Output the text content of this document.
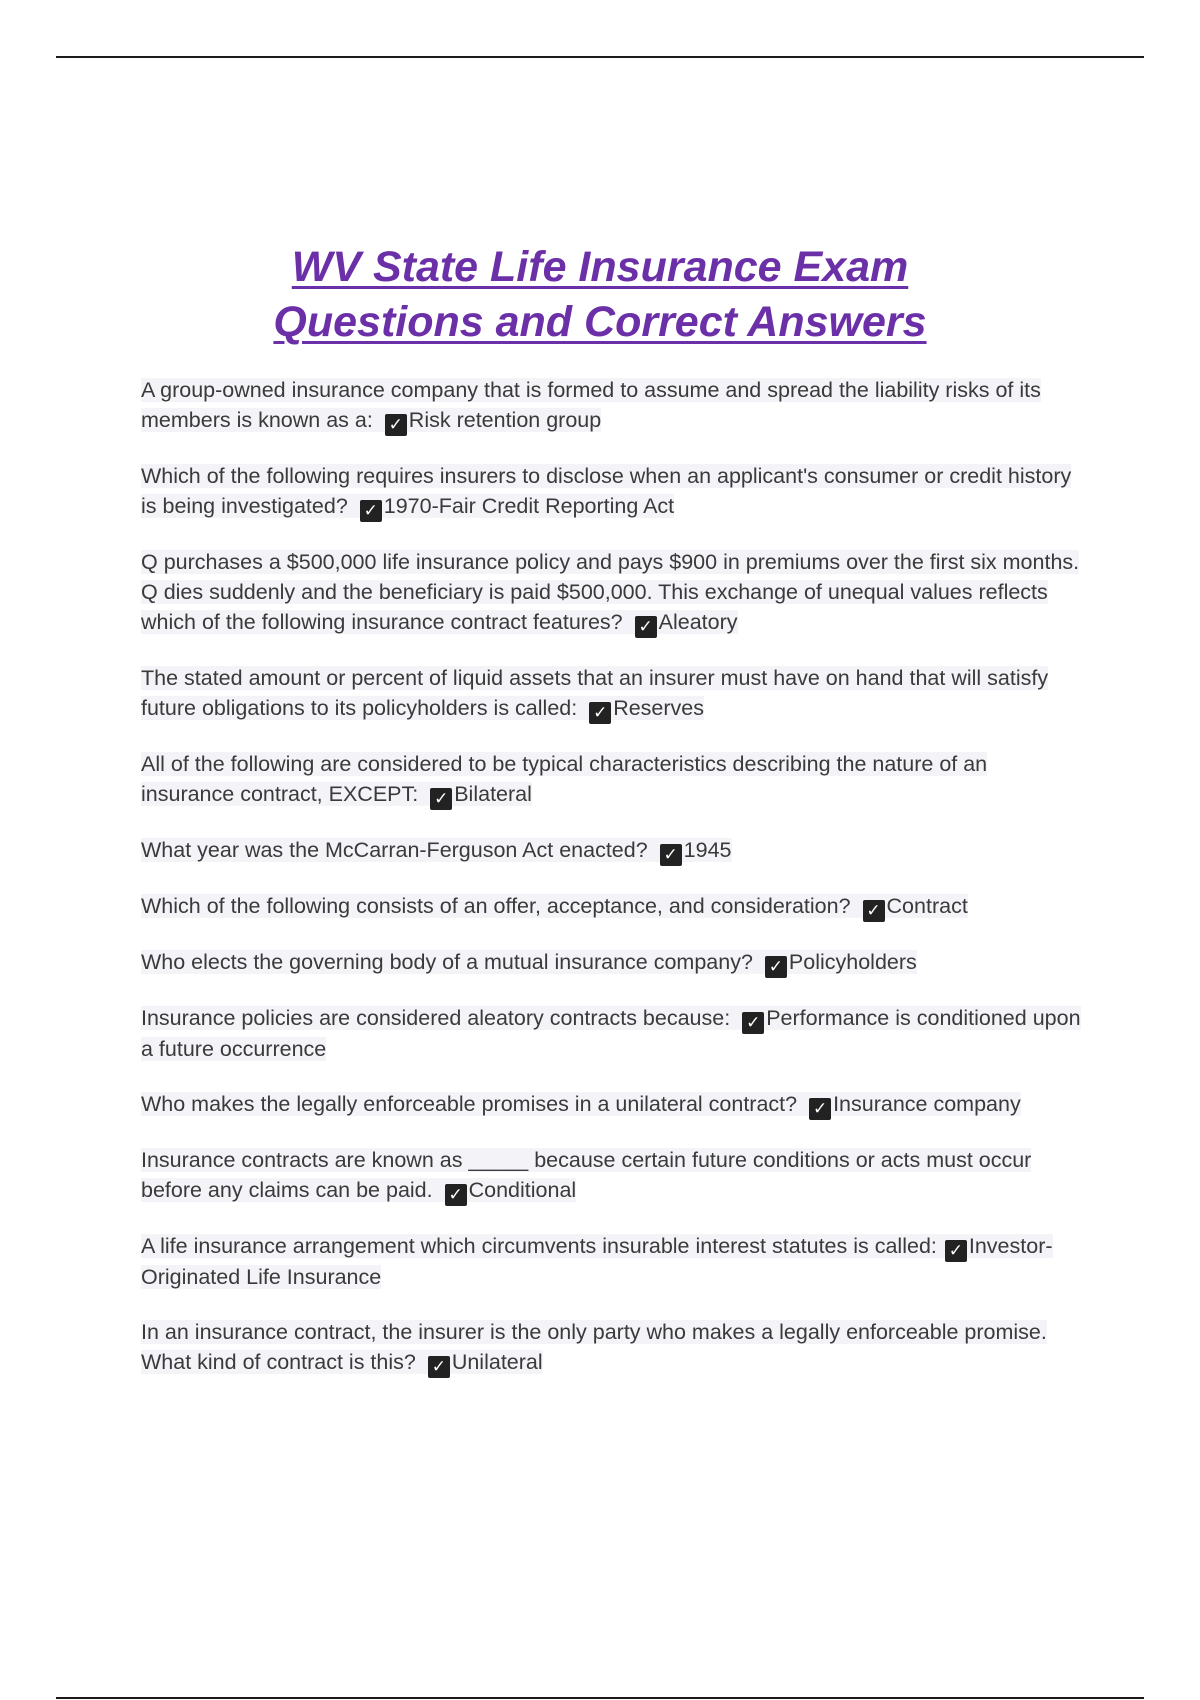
WV State Life Insurance Exam
Questions and Correct Answers

A group-owned insurance company that is formed to assume and spread the liability risks of its members is known as a: ✓ Risk retention group

Which of the following requires insurers to disclose when an applicant's consumer or credit history is being investigated? ✓ 1970-Fair Credit Reporting Act

Q purchases a $500,000 life insurance policy and pays $900 in premiums over the first six months. Q dies suddenly and the beneficiary is paid $500,000. This exchange of unequal values reflects which of the following insurance contract features? ✓ Aleatory

The stated amount or percent of liquid assets that an insurer must have on hand that will satisfy future obligations to its policyholders is called: ✓ Reserves

All of the following are considered to be typical characteristics describing the nature of an insurance contract, EXCEPT: ✓ Bilateral

What year was the McCarran-Ferguson Act enacted? ✓ 1945

Which of the following consists of an offer, acceptance, and consideration? ✓ Contract

Who elects the governing body of a mutual insurance company? ✓ Policyholders

Insurance policies are considered aleatory contracts because: ✓ Performance is conditioned upon a future occurrence

Who makes the legally enforceable promises in a unilateral contract? ✓ Insurance company

Insurance contracts are known as _____ because certain future conditions or acts must occur before any claims can be paid. ✓ Conditional

A life insurance arrangement which circumvents insurable interest statutes is called: ✓ Investor-Originated Life Insurance

In an insurance contract, the insurer is the only party who makes a legally enforceable promise. What kind of contract is this? ✓ Unilateral
